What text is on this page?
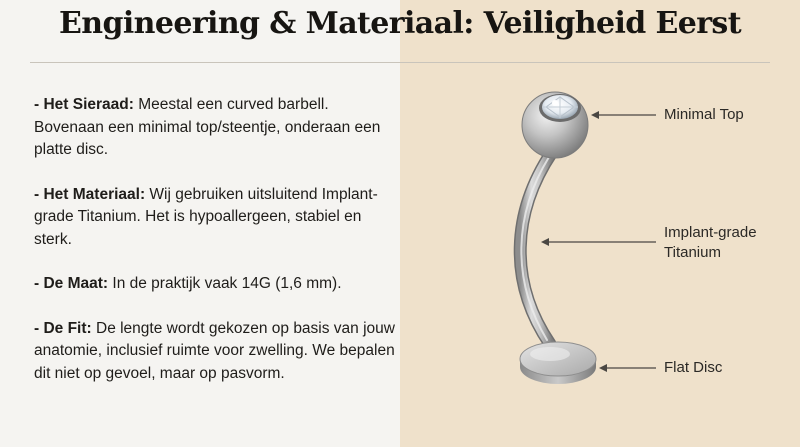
Engineering & Materiaal: Veiligheid Eerst

- Het Sieraad: Meestal een curved barbell. Bovenaan een minimal top/steentje, onderaan een platte disc.

- Het Materiaal: Wij gebruiken uitsluitend Implant-grade Titanium. Het is hypoallergeen, stabiel en sterk.

- De Maat: In de praktijk vaak 14G (1,6 mm).

- De Fit: De lengte wordt gekozen op basis van jouw anatomie, inclusief ruimte voor zwelling. We bepalen dit niet op gevoel, maar op pasvorm.

Minimal Top
Implant-grade
Titanium
Flat Disc
